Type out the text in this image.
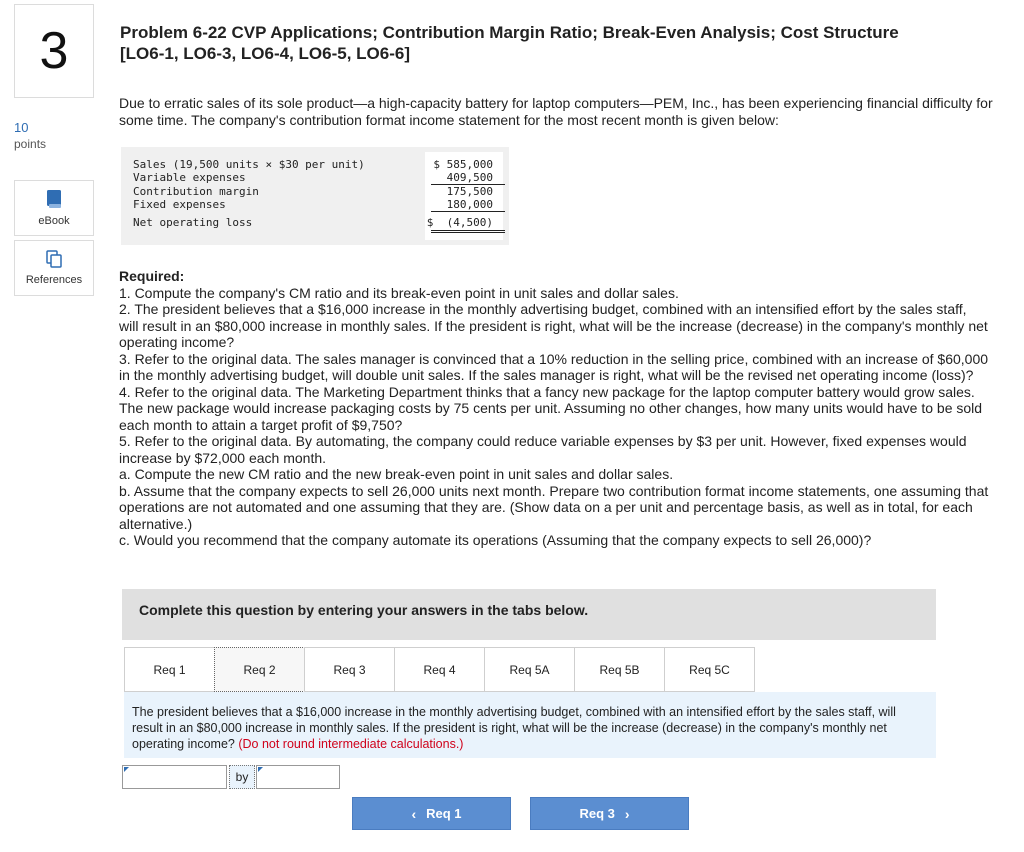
3
10
points
eBook
References
Problem 6-22 CVP Applications; Contribution Margin Ratio; Break-Even Analysis; Cost Structure
[LO6-1, LO6-3, LO6-4, LO6-5, LO6-6]
Due to erratic sales of its sole product—a high-capacity battery for laptop computers—PEM, Inc., has been experiencing financial difficulty for some time. The company's contribution format income statement for the most recent month is given below:
Sales (19,500 units × $30 per unit)	$ 585,000
Variable expenses	409,500
Contribution margin	175,500
Fixed expenses	180,000
Net operating loss	$  (4,500)

Required:

1. Compute the company's CM ratio and its break-even point in unit sales and dollar sales.

2. The president believes that a $16,000 increase in the monthly advertising budget, combined with an intensified effort by the sales staff, will result in an $80,000 increase in monthly sales. If the president is right, what will be the increase (decrease) in the company's monthly net operating income?

3. Refer to the original data. The sales manager is convinced that a 10% reduction in the selling price, combined with an increase of $60,000 in the monthly advertising budget, will double unit sales. If the sales manager is right, what will be the revised net operating income (loss)?

4. Refer to the original data. The Marketing Department thinks that a fancy new package for the laptop computer battery would grow sales. The new package would increase packaging costs by 75 cents per unit. Assuming no other changes, how many units would have to be sold each month to attain a target profit of $9,750?

5. Refer to the original data. By automating, the company could reduce variable expenses by $3 per unit. However, fixed expenses would increase by $72,000 each month.

a. Compute the new CM ratio and the new break-even point in unit sales and dollar sales.

b. Assume that the company expects to sell 26,000 units next month. Prepare two contribution format income statements, one assuming that operations are not automated and one assuming that they are. (Show data on a per unit and percentage basis, as well as in total, for each alternative.)

c. Would you recommend that the company automate its operations (Assuming that the company expects to sell 26,000)?

Complete this question by entering your answers in the tabs below.
Req 1	Req 2	Req 3	Req 4	Req 5A	Req 5B	Req 5C
The president believes that a $16,000 increase in the monthly advertising budget, combined with an intensified effort by the sales staff, will result in an $80,000 increase in monthly sales. If the president is right, what will be the increase (decrease) in the company's monthly net operating income? (Do not round intermediate calculations.)
by
‹ Req 1	Req 3 ›
